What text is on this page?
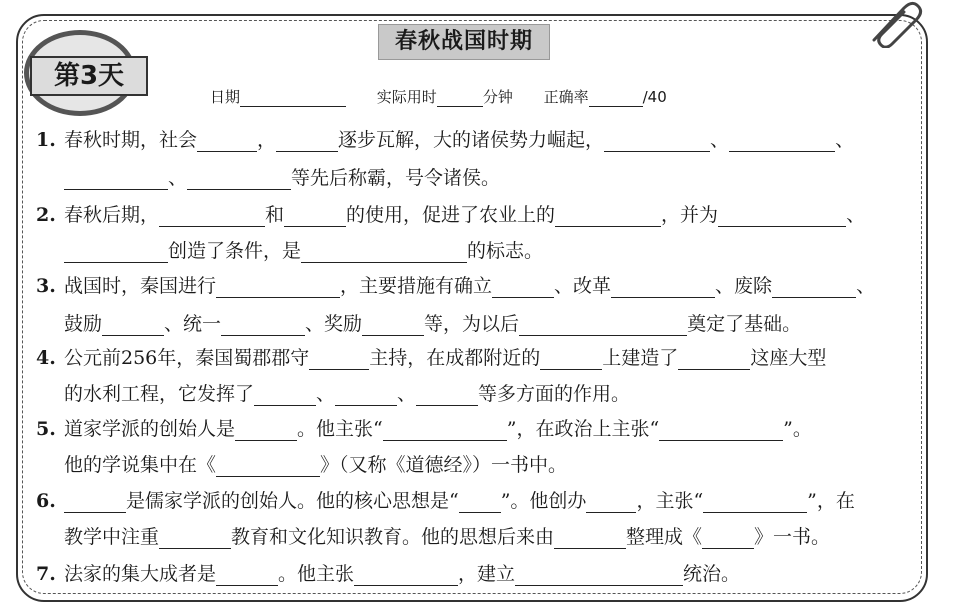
第3天
春秋战国时期
日期	实际用时	分钟 正确率	/40
1. 春秋时期，社会	，	逐步瓦解，大的诸侯势力崛起，	、	、
、	等先后称霸，号令诸侯。
2. 春秋后期，	和	的使用，促进了农业上的	，并为	、
创造了条件，是	的标志。
3. 战国时，秦国进行	，主要措施有确立	、改革	、废除	、
鼓励	、统一	、奖励	等，为以后	奠定了基础。
4. 公元前256年，秦国蜀郡郡守	主持，在成都附近的	上建造了	这座大型
的水利工程，它发挥了	、	、	等多方面的作用。
5. 道家学派的创始人是	。他主张“	”，在政治上主张“	”。
他的学说集中在《	》（又称《道德经》）一书中。
6.	是儒家学派的创始人。他的核心思想是“ ”。他创办	，主张“	”，在
教学中注重	教育和文化知识教育。他的思想后来由	整理成《	》一书。
7. 法家的集大成者是	。他主张	，建立	统治。
